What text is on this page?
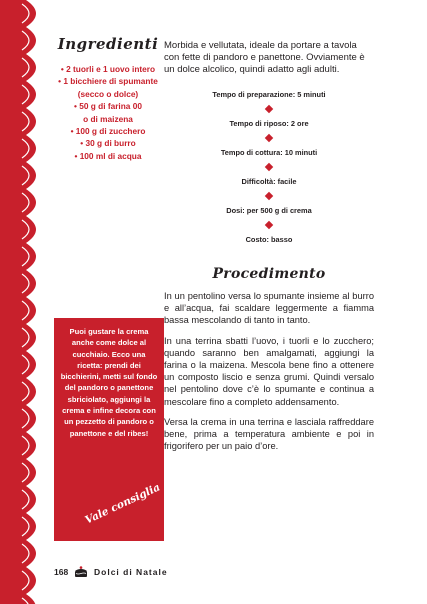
Ingredienti
• 2 tuorli e 1 uovo intero
• 1 bicchiere di spumante
(secco o dolce)
• 50 g di farina 00
o di maizena
• 100 g di zucchero
• 30 g di burro
• 100 ml di acqua

Morbida e vellutata, ideale da portare a tavola con fette di pandoro e panettone. Ovviamente è un dolce alcolico, quindi adatto agli adulti.

Tempo di preparazione: 5 minuti

Tempo di riposo: 2 ore

Tempo di cottura: 10 minuti

Difficoltà: facile

Dosi: per 500 g di crema

Costo: basso

Procedimento

In un pentolino versa lo spumante insieme al burro e all’acqua, fai scaldare leggermente a fiamma bassa mescolando di tanto in tanto.

In una terrina sbatti l’uovo, i tuorli e lo zucchero; quando saranno ben amalgamati, aggiungi la farina o la maizena. Mescola bene fino a ottenere un composto liscio e senza grumi. Quindi versalo nel pentolino dove c’è lo spumante e continua a mescolare fino a completo addensamento.

Versa la crema in una terrina e lasciala raffreddare bene, prima a temperatura ambiente e poi in frigorifero per un paio d’ore.

Puoi gustare la crema anche come dolce al cucchiaio. Ecco una ricetta: prendi dei bicchierini, metti sul fondo del pandoro o panettone sbriciolato, aggiungi la crema e infine decora con un pezzetto di pandoro o panettone e del ribes!
Vale consiglia
168	Dolci di Natale
